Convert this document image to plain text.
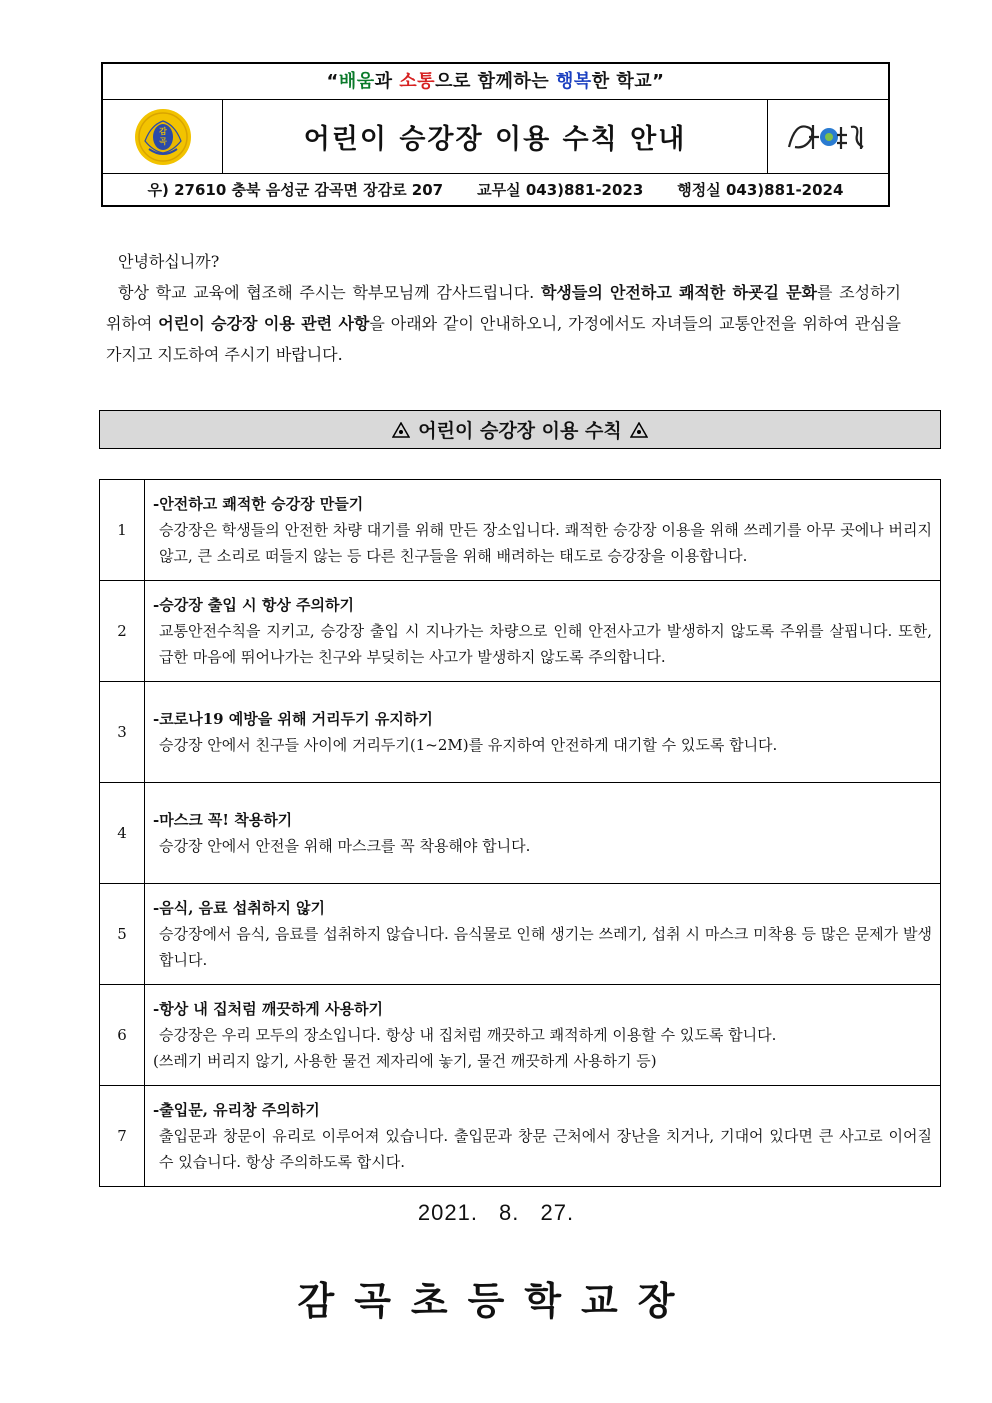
“배움과 소통으로 함께하는 행복한 학교”
감
곡	어린이 승강장 이용 수칙 안내
우) 27610 충북 음성군 감곡면 장감로 207 교무실 043)881-2023 행정실 043)881-2024

안녕하십니까?

항상 학교 교육에 협조해 주시는 학부모님께 감사드립니다. 학생들의 안전하고 쾌적한 하굣길 문화를 조성하기 위하여 어린이 승강장 이용 관련 사항을 아래와 같이 안내하오니, 가정에서도 자녀들의 교통안전을 위하여 관심을 가지고 지도하여 주시기 바랍니다.

어린이 승강장 이용 수칙
1	-안전하고 쾌적한 승강장 만들기
승강장은 학생들의 안전한 차량 대기를 위해 만든 장소입니다. 쾌적한 승강장 이용을 위해 쓰레기를 아무 곳에나 버리지 않고, 큰 소리로 떠들지 않는 등 다른 친구들을 위해 배려하는 태도로 승강장을 이용합니다.

2	-승강장 출입 시 항상 주의하기
교통안전수칙을 지키고, 승강장 출입 시 지나가는 차량으로 인해 안전사고가 발생하지 않도록 주위를 살핍니다. 또한, 급한 마음에 뛰어나가는 친구와 부딪히는 사고가 발생하지 않도록 주의합니다.

3	-코로나19 예방을 위해 거리두기 유지하기
승강장 안에서 친구들 사이에 거리두기(1~2M)를 유지하여 안전하게 대기할 수 있도록 합니다.

4	-마스크 꼭! 착용하기
승강장 안에서 안전을 위해 마스크를 꼭 착용해야 합니다.

5	-음식, 음료 섭취하지 않기
승강장에서 음식, 음료를 섭취하지 않습니다. 음식물로 인해 생기는 쓰레기, 섭취 시 마스크 미착용 등 많은 문제가 발생합니다.

6	-항상 내 집처럼 깨끗하게 사용하기
승강장은 우리 모두의 장소입니다. 항상 내 집처럼 깨끗하고 쾌적하게 이용할 수 있도록 합니다.
(쓰레기 버리지 않기, 사용한 물건 제자리에 놓기, 물건 깨끗하게 사용하기 등)

7	-출입문, 유리창 주의하기
출입문과 창문이 유리로 이루어져 있습니다. 출입문과 창문 근처에서 장난을 치거나, 기대어 있다면 큰 사고로 이어질 수 있습니다. 항상 주의하도록 합시다.
2021. 8. 27.
감곡초등학교장
